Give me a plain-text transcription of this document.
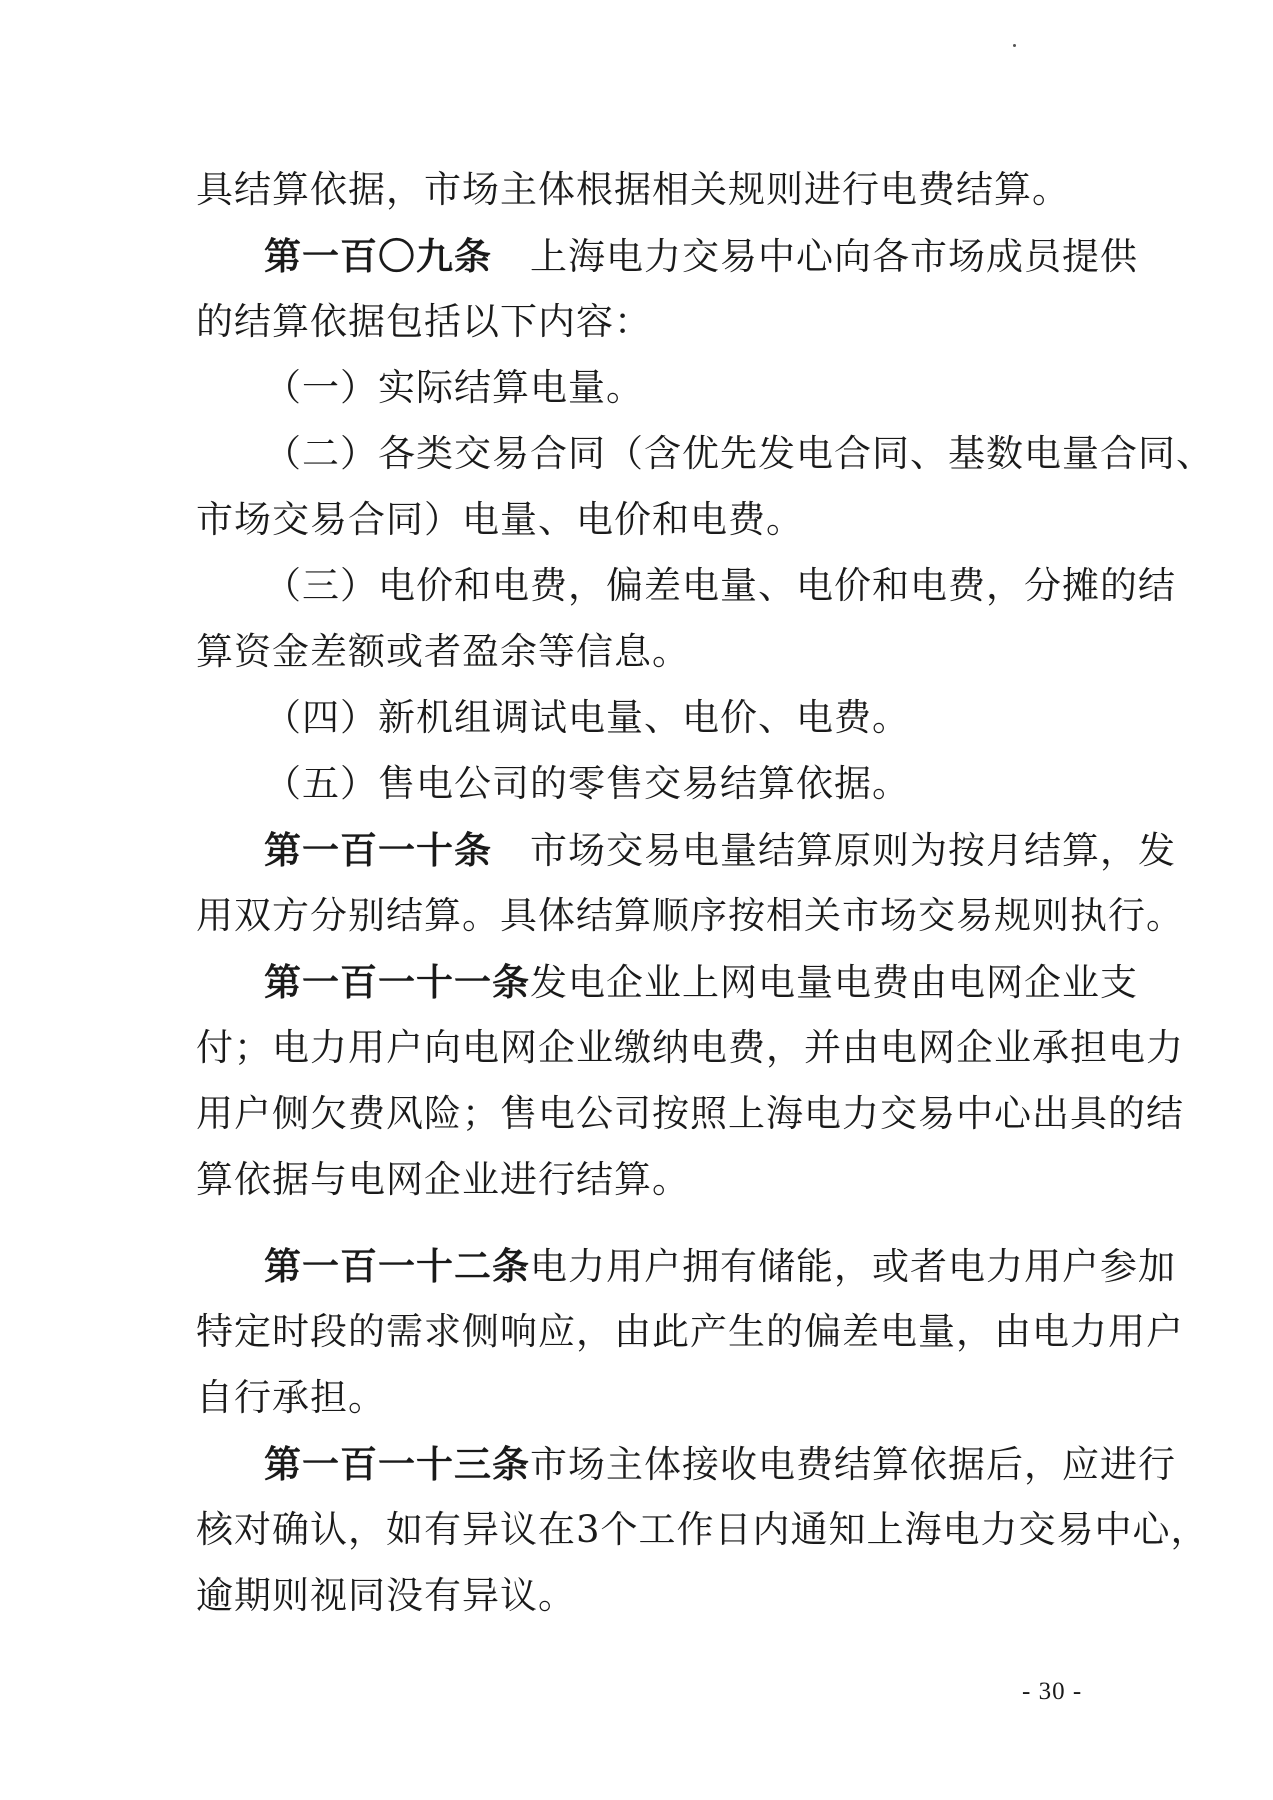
具结算依据，市场主体根据相关规则进行电费结算。

第一百〇九条　上海电力交易中心向各市场成员提供

的结算依据包括以下内容：

（一）实际结算电量。

（二）各类交易合同（含优先发电合同、基数电量合同、

市场交易合同）电量、电价和电费。

（三）电价和电费，偏差电量、电价和电费，分摊的结

算资金差额或者盈余等信息。

（四）新机组调试电量、电价、电费。

（五）售电公司的零售交易结算依据。

第一百一十条　市场交易电量结算原则为按月结算，发

用双方分别结算。具体结算顺序按相关市场交易规则执行。

第一百一十一条发电企业上网电量电费由电网企业支

付；电力用户向电网企业缴纳电费，并由电网企业承担电力

用户侧欠费风险；售电公司按照上海电力交易中心出具的结

算依据与电网企业进行结算。

第一百一十二条电力用户拥有储能，或者电力用户参加

特定时段的需求侧响应，由此产生的偏差电量，由电力用户

自行承担。

第一百一十三条市场主体接收电费结算依据后，应进行

核对确认，如有异议在3个工作日内通知上海电力交易中心，

逾期则视同没有异议。

- 30 -
